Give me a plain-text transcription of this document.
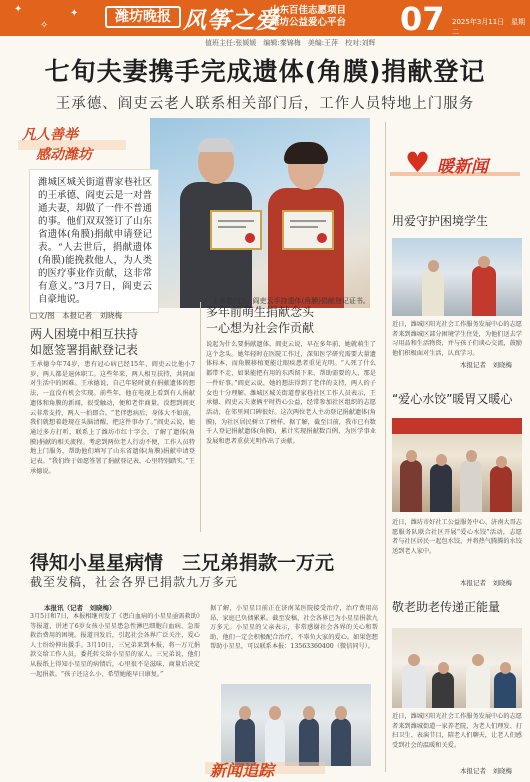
✦
✧
✦	潍坊晚报 风筝之爱
山东百佳志愿项目
潍坊公益爱心平台 07 2025年3月11日　星期二
值班主任:张媛媛　编辑:秦锦梅　美编:王萍　校对:刘辉
七旬夫妻携手完成遗体(角膜)捐献登记
王承德、阎吏云老人联系相关部门后，工作人员特地上门服务
凡人善举
感动潍坊
潍城区城关街道曹家巷社区的王承德、阎吏云是一对普通夫妻，却做了一件不普通的事。他们双双签订了山东省遗体(角膜)捐献申请登记表。“人去世后，捐献遗体(角膜)能挽救他人，为人类的医疗事业作贡献，这非常有意义。”3月7日，阎吏云自豪地说。	王承德(左)、阎吏云手持遗体(角膜)捐献登记证书。
□文/图　本报记者　刘晓梅
两人困境中相互扶持
如愿签署捐献登记表
王承德今年74岁，患有冠心病已经15年，阎吏云比他小7岁，两人都是退休职工。这些年来，两人相互扶持，共同面对生活中的困难。王承德说，自己年轻时就有捐献遗体的想法，一直没有机会实现。前些年，他在电视上看到有人捐献遗体和角膜的新闻，很受触动，便和老伴商量。没想到阎吏云非常支持，两人一拍即合。“老伴患病后，身体大不如前，我们就想着趁现在头脑清醒，把这件事办了。”阎吏云说，她通过多方打听，联系上了潍坊市红十字会，了解了遗体(角膜)捐献的相关流程。考虑到两位老人行动不便，工作人员特地上门服务，帮助他们填写了山东省遗体(角膜)捐献申请登记表。“我们终于如愿签署了捐献登记表，心里特别踏实。”王承德说。
多年前萌生捐献念头
一心想为社会作贡献
说起为什么要捐献遗体，阎吏云说，早在多年前，她就萌生了这个念头。她年轻时在医院工作过，深知医学研究需要大量遗体标本，而角膜移植更能让眼疾患者重见光明。“人死了什么都带不走，如果能把有用的东西留下来，帮助需要的人，那是一件好事。”阎吏云说，她的想法得到了老伴的支持，两人的子女也十分理解。潍城区城关街道曹家巷社区工作人员表示，王承德、阎吏云夫妻俩平时热心公益，经常参加社区组织的志愿活动，在邻里间口碑很好。这次两位老人主动登记捐献遗体(角膜)，为社区居民树立了榜样。据了解，截至目前，我市已有数千人登记捐献遗体(角膜)，累计实现捐献数百例，为医学事业发展和患者重获光明作出了贡献。
得知小星星病情　三兄弟捐款一万元
截至发稿，社会各界已捐款九万多元
本报讯（记者　刘晓梅）
3月5日和7日，本报相继刊发了《患白血病的小星星亟需救助》等报道，讲述了6岁女孩小星星患急性淋巴细胞白血病、急需救治费用的困境。报道刊发后，引起社会各界广泛关注，爱心人士纷纷伸出援手。3月10日，三兄弟来到本报，将一万元捐款交给工作人员，委托转交给小星星的家人。三兄弟说，他们从报纸上得知小星星的病情后，心里很不是滋味，商量后决定一起捐款。“孩子还这么小，希望她能早日康复。”
据了解，小星星目前正在济南某医院接受治疗，治疗费用高昂，家庭已负债累累。截至发稿，社会各界已为小星星捐款九万多元。小星星的父亲表示，非常感谢社会各界的关心和帮助，他们一定会积极配合治疗，不辜负大家的爱心。如果您想帮助小星星，可以联系本报：13563360400（微信同号）。
新闻追踪
♥ 暖新闻
用爱守护困境学生
近日，潍城区阳光社会工作服务发展中心的志愿者来到潍城区部分困境学生住处，为他们送去学习用品和生活物资，并与孩子们谈心交流，鼓励他们积极面对生活，认真学习。
本报记者　刘晓梅
“爱心水饺”暖胃又暖心
近日，潍坊市好社工公益服务中心、济南大哥志愿服务队联合社区开展“爱心水饺”活动，志愿者与社区居民一起包水饺，并将热气腾腾的水饺送到老人家中。
本报记者　刘晓梅
敬老助老传递正能量
近日，潍城区阳光社会工作服务发展中心的志愿者来到潍城街道一家养老院，为老人们理发、打扫卫生、表演节目，陪老人们聊天，让老人们感受到社会的温暖和关爱。
本报记者　刘晓梅
